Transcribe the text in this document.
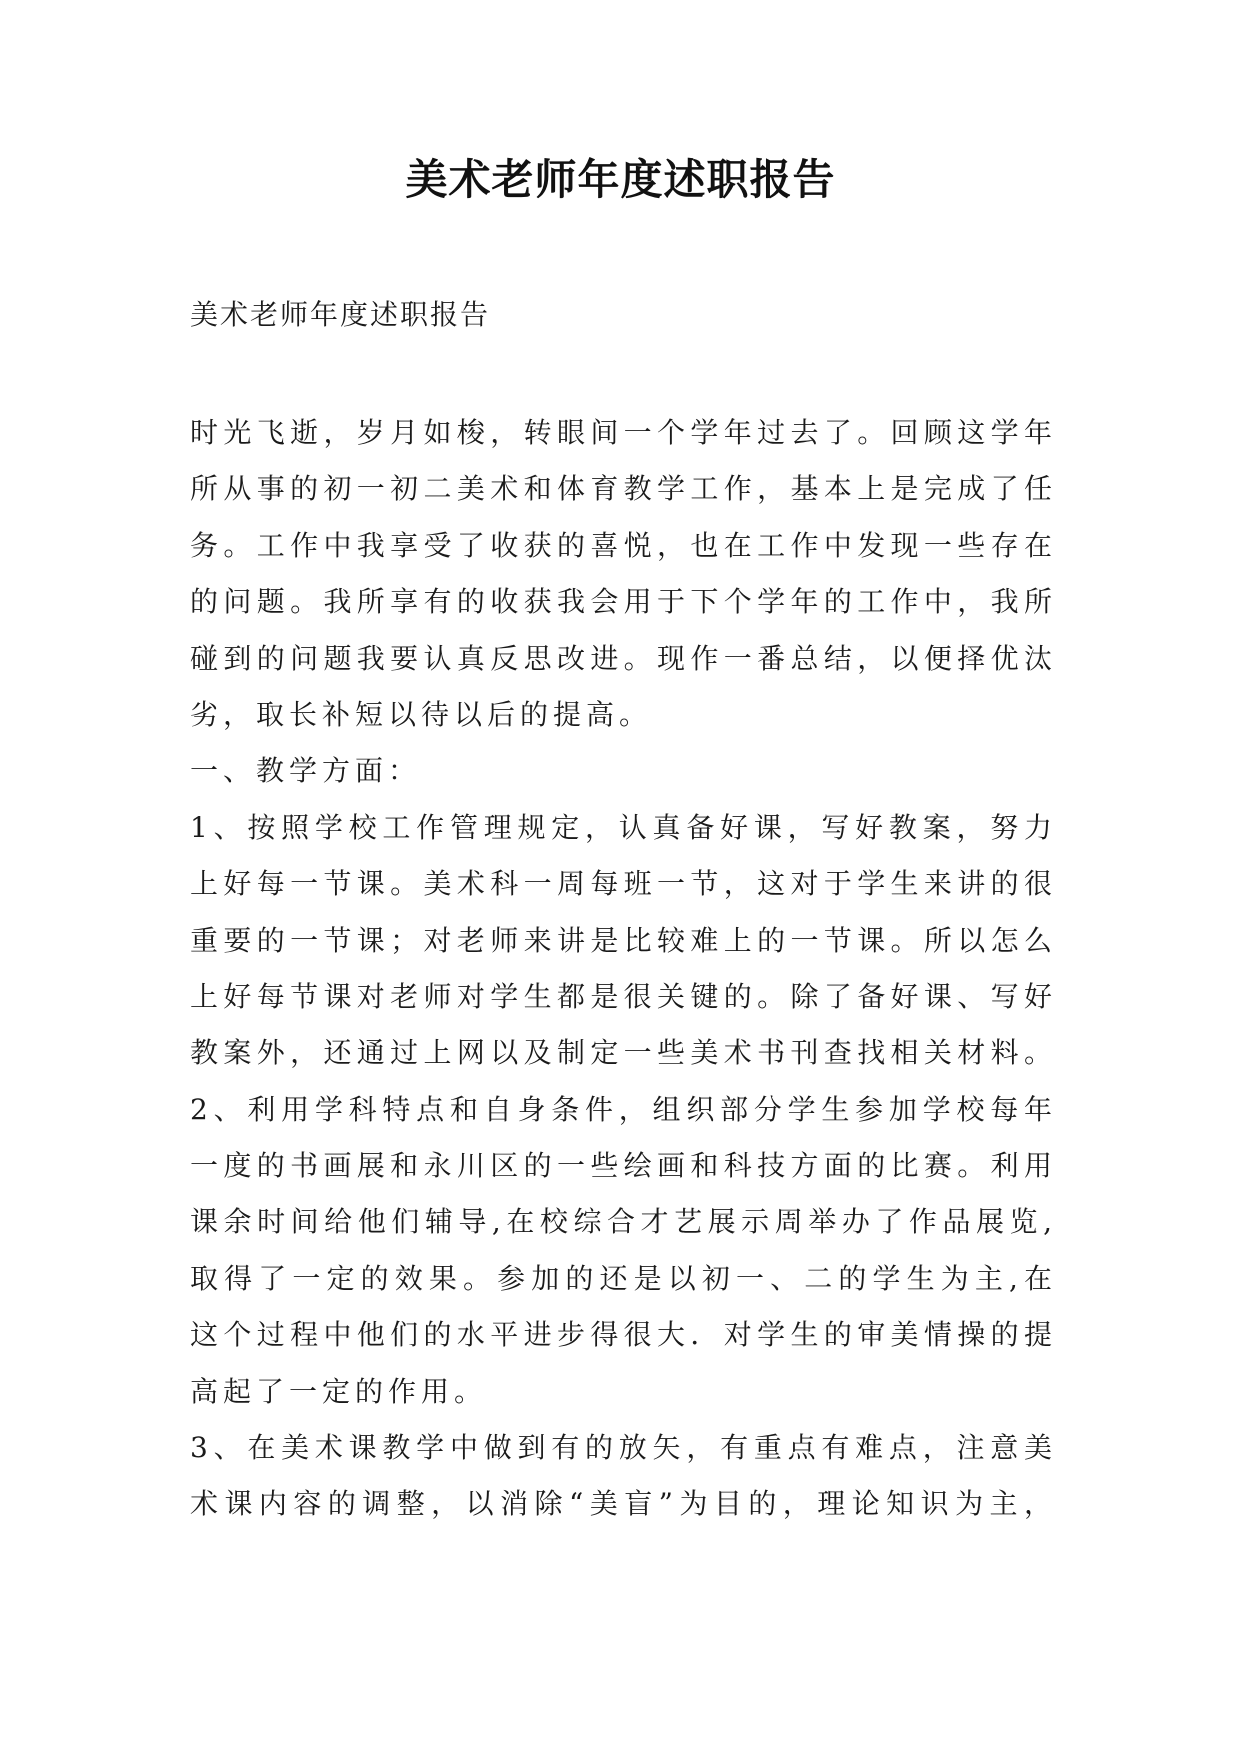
美术老师年度述职报告
美术老师年度述职报告
时光飞逝，岁月如梭，转眼间一个学年过去了。回顾这学年
所从事的初一初二美术和体育教学工作，基本上是完成了任
务。工作中我享受了收获的喜悦，也在工作中发现一些存在
的问题。我所享有的收获我会用于下个学年的工作中，我所
碰到的问题我要认真反思改进。现作一番总结，以便择优汰
劣，取长补短以待以后的提高。
一、教学方面：
1、按照学校工作管理规定，认真备好课，写好教案，努力
上好每一节课。美术科一周每班一节，这对于学生来讲的很
重要的一节课；对老师来讲是比较难上的一节课。所以怎么
上好每节课对老师对学生都是很关键的。除了备好课、写好
教案外，还通过上网以及制定一些美术书刊查找相关材料。
2、利用学科特点和自身条件，组织部分学生参加学校每年
一度的书画展和永川区的一些绘画和科技方面的比赛。利用
课余时间给他们辅导,在校综合才艺展示周举办了作品展览,
取得了一定的效果。参加的还是以初一、二的学生为主,在
这个过程中他们的水平进步得很大．对学生的审美情操的提
高起了一定的作用。
3、在美术课教学中做到有的放矢，有重点有难点，注意美
术课内容的调整，以消除“美盲”为目的，理论知识为主，
